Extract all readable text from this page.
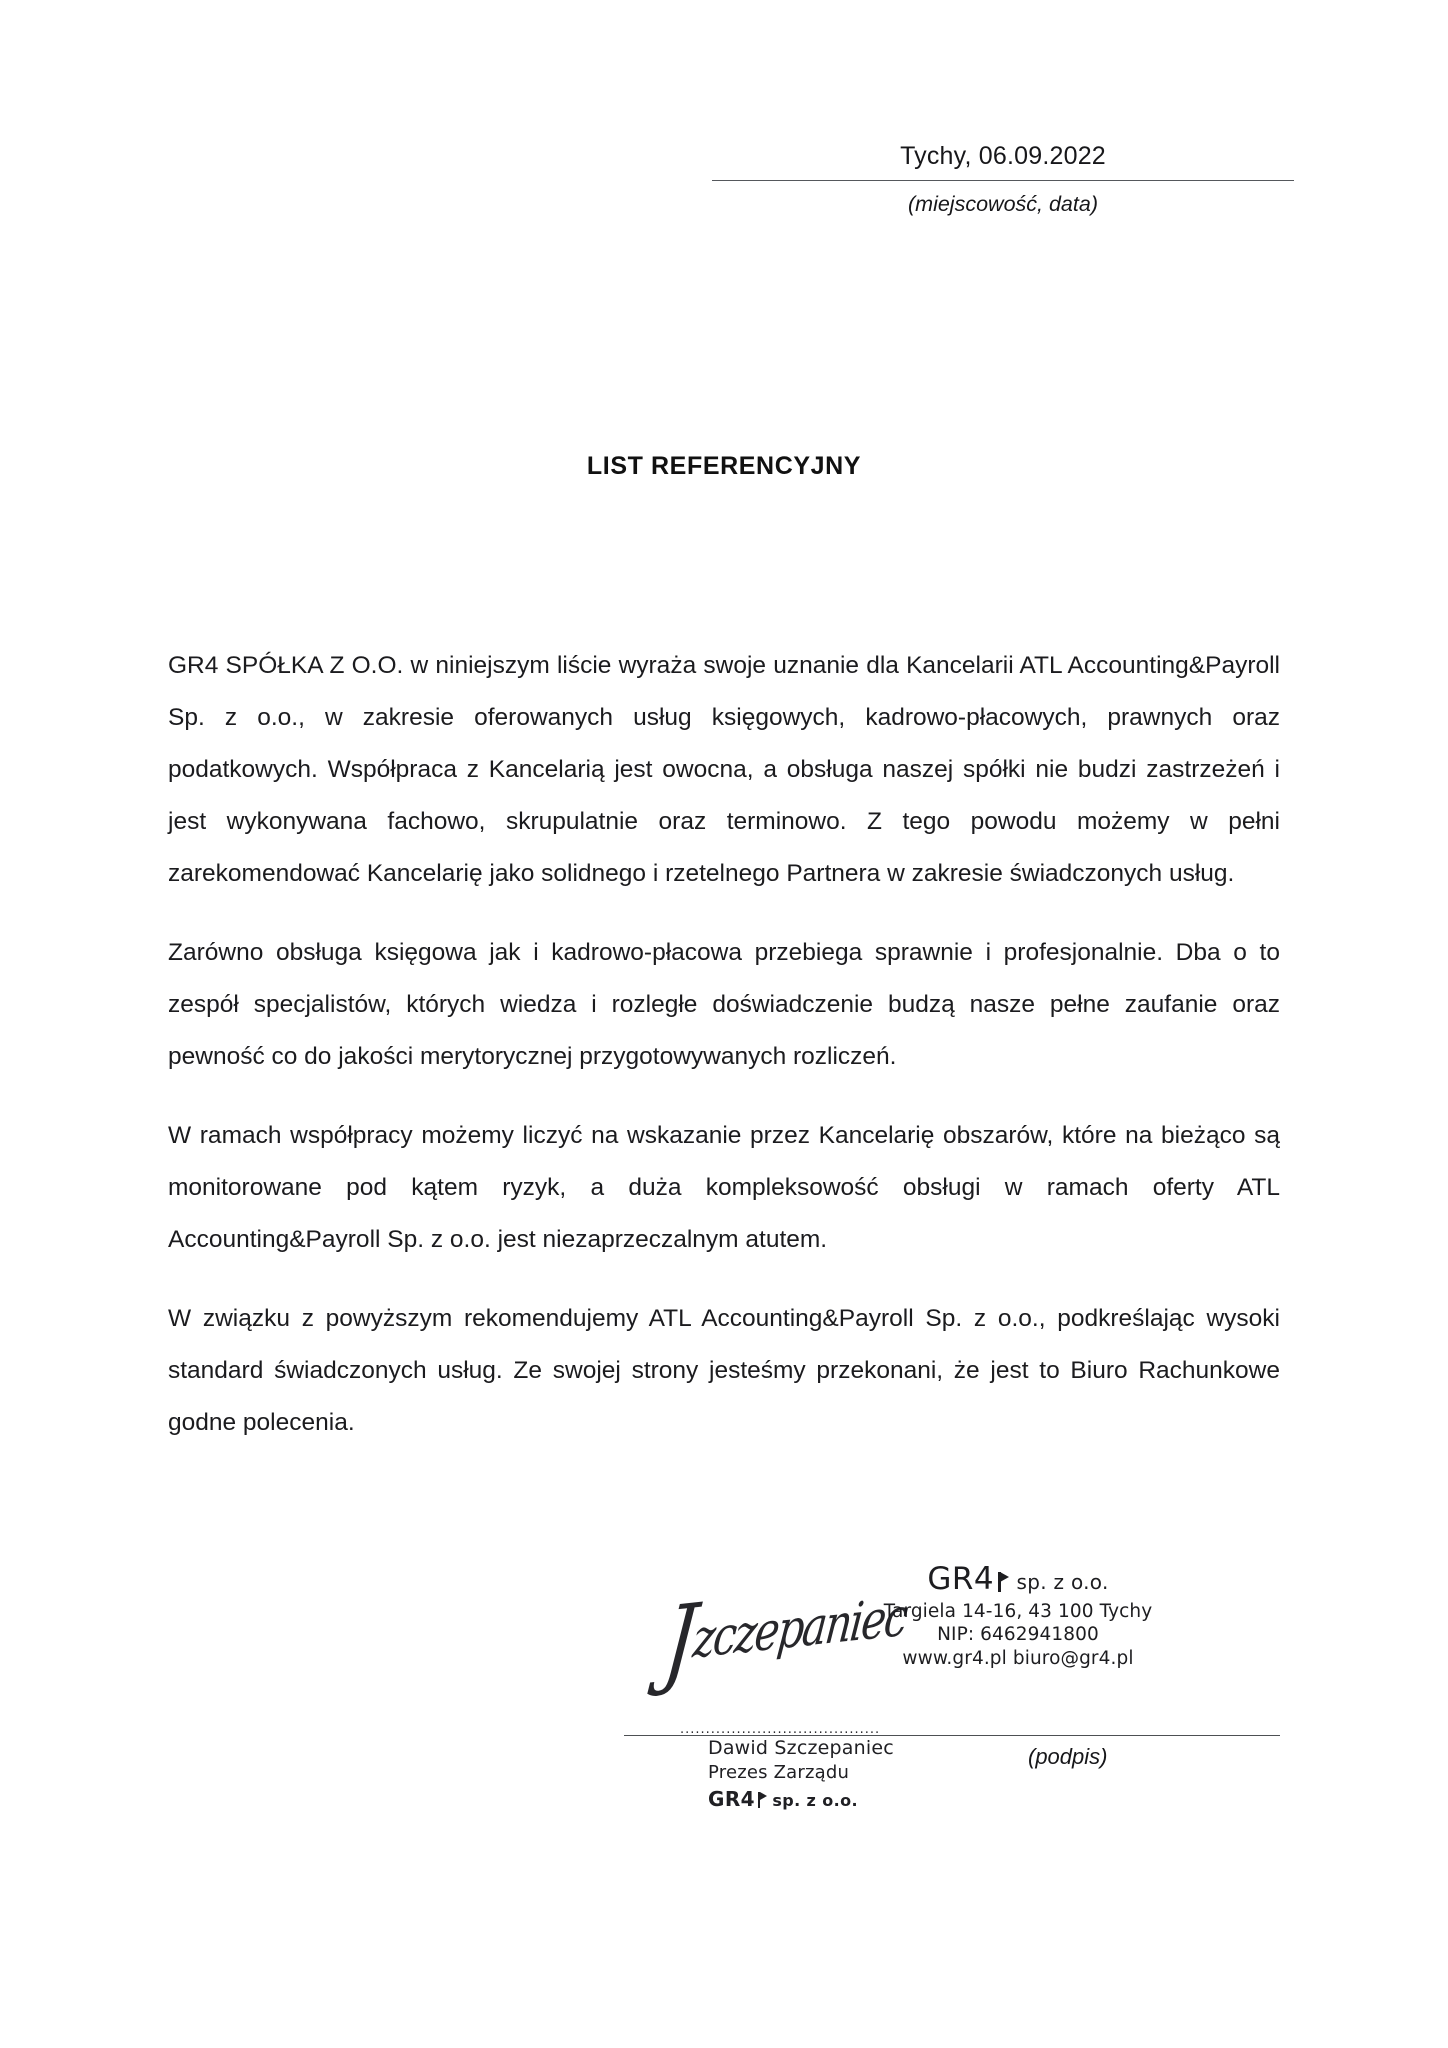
Tychy, 06.09.2022
(miejscowość, data)
LIST REFERENCYJNY

GR4 SPÓŁKA Z O.O. w niniejszym liście wyraża swoje uznanie dla Kancelarii ATL Accounting&Payroll Sp. z o.o., w zakresie oferowanych usług księgowych, kadrowo-płacowych, prawnych oraz podatkowych. Współpraca z Kancelarią jest owocna, a obsługa naszej spółki nie budzi zastrzeżeń i jest wykonywana fachowo, skrupulatnie oraz terminowo. Z tego powodu możemy w pełni zarekomendować Kancelarię jako solidnego i rzetelnego Partnera w zakresie świadczonych usług.

Zarówno obsługa księgowa jak i kadrowo-płacowa przebiega sprawnie i profesjonalnie. Dba o to zespół specjalistów, których wiedza i rozległe doświadczenie budzą nasze pełne zaufanie oraz pewność co do jakości merytorycznej przygotowywanych rozliczeń.

W ramach współpracy możemy liczyć na wskazanie przez Kancelarię obszarów, które na bieżąco są monitorowane pod kątem ryzyk, a duża kompleksowość obsługi w ramach oferty ATL Accounting&Payroll Sp. z o.o. jest niezaprzeczalnym atutem.

W związku z powyższym rekomendujemy ATL Accounting&Payroll Sp. z o.o., podkreślając wysoki standard świadczonych usług. Ze swojej strony jesteśmy przekonani, że jest to Biuro Rachunkowe godne polecenia.

GR4 sp. z o.o.
Targiela 14-16, 43 100 Tychy
NIP: 6462941800
www.gr4.pl biuro@gr4.pl
Jzczepaniec
·······································
Dawid Szczepaniec
Prezes Zarządu
GR4 sp. z o.o.
(podpis)
